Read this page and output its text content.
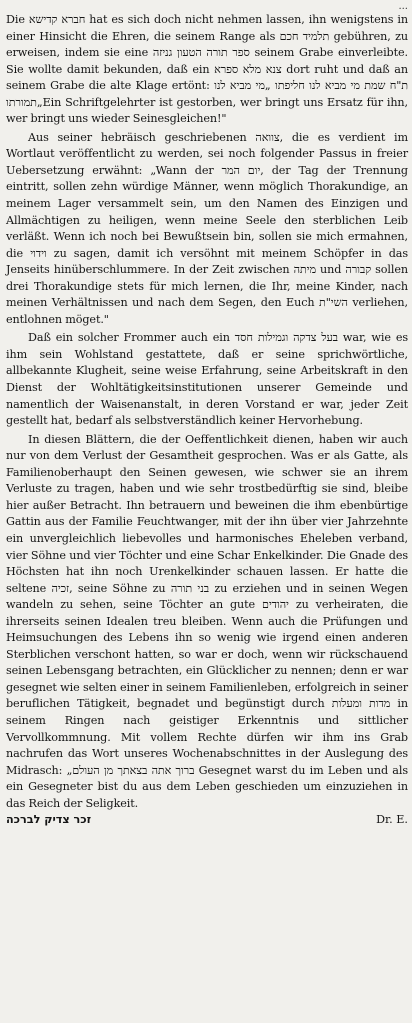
...

Die חברא קדישא hat es sich doch nicht nehmen lassen, ihn wenigstens in einer Hinsicht die Ehren, die seinem Range als תלמיד חכם gebühren, zu erweisen, indem sie eine ספר תורה הטעון גניזה seinem Grabe einverleibte. Sie wollte damit bekunden, daß ein צנא מלא ספרא dort ruht und daß an seinem Grabe die alte Klage ertönt: ת"ח שמת מי מביא לנו חליפתו „מי מביא לנו תמורתו„Ein Schriftgelehrter ist gestorben, wer bringt uns Ersatz für ihn, wer bringt uns wieder Seinesgleichen!"

Aus seiner hebräisch geschriebenen צוואה, die es verdient im Wortlaut veröffentlicht zu werden, sei noch folgender Passus in freier Uebersetzung erwähnt: „Wann der יום המר, der Tag der Trennung eintritt, sollen zehn würdige Männer, wenn möglich Thorakundige, an meinem Lager versammelt sein, um den Namen des Einzigen und Allmächtigen zu heiligen, wenn meine Seele den sterblichen Leib verläßt. Wenn ich noch bei Bewußtsein bin, sollen sie mich ermahnen, die וידוי zu sagen, damit ich versöhnt mit meinem Schöpfer in das Jenseits hinüberschlummere. In der Zeit zwischen מיתה und קבורה sollen drei Thorakundige stets für mich lernen, die Ihr, meine Kinder, nach meinen Verhältnissen und nach dem Segen, den Euch השי"ת verliehen, entlohnen möget."

Daß ein solcher Frommer auch ein בעל צדקה וגמילות חסד war, wie es ihm sein Wohlstand gestattete, daß er seine sprichwörtliche, allbekannte Klugheit, seine weise Erfahrung, seine Arbeitskraft in den Dienst der Wohltätigkeitsinstitutionen unserer Gemeinde und namentlich der Waisenanstalt, in deren Vorstand er war, jeder Zeit gestellt hat, bedarf als selbstverständlich keiner Hervorhebung.

In diesen Blättern, die der Oeffentlichkeit dienen, haben wir auch nur von dem Verlust der Gesamtheit gesprochen. Was er als Gatte, als Familienoberhaupt den Seinen gewesen, wie schwer sie an ihrem Verluste zu tragen, haben und wie sehr trostbedürftig sie sind, bleibe hier außer Betracht. Ihn betrauern und beweinen die ihm ebenbürtige Gattin aus der Familie Feuchtwanger, mit der ihn über vier Jahrzehnte ein unvergleichlich liebevolles und harmonisches Eheleben verband, vier Söhne und vier Töchter und eine Schar Enkelkinder. Die Gnade des Höchsten hat ihn noch Urenkelkinder schauen lassen. Er hatte die seltene זכיה, seine Söhne zu בני תורה zu erziehen und in seinen Wegen wandeln zu sehen, seine Töchter an gute יהודים zu verheiraten, die ihrerseits seinen Idealen treu bleiben. Wenn auch die Prüfungen und Heimsuchungen des Lebens ihn so wenig wie irgend einen anderen Sterblichen verschont hatten, so war er doch, wenn wir rückschauend seinen Lebensgang betrachten, ein Glücklicher zu nennen; denn er war gesegnet wie selten einer in seinem Familienleben, erfolgreich in seiner beruflichen Tätigkeit, begnadet und begünstigt durch מדות ומעלות in seinem Ringen nach geistiger Erkenntnis und sittlicher Vervollkommnung. Mit vollem Rechte dürfen wir ihm ins Grab nachrufen das Wort unseres Wochenabschnittes in der Auslegung des Midrasch: „ברוך אתה בצאתך מן העולם Gesegnet warst du im Leben und als ein Gesegneter bist du aus dem Leben geschieden um einzuziehen in das Reich der Seligkeit.

זכר צדיק לברכה	Dr. E.
